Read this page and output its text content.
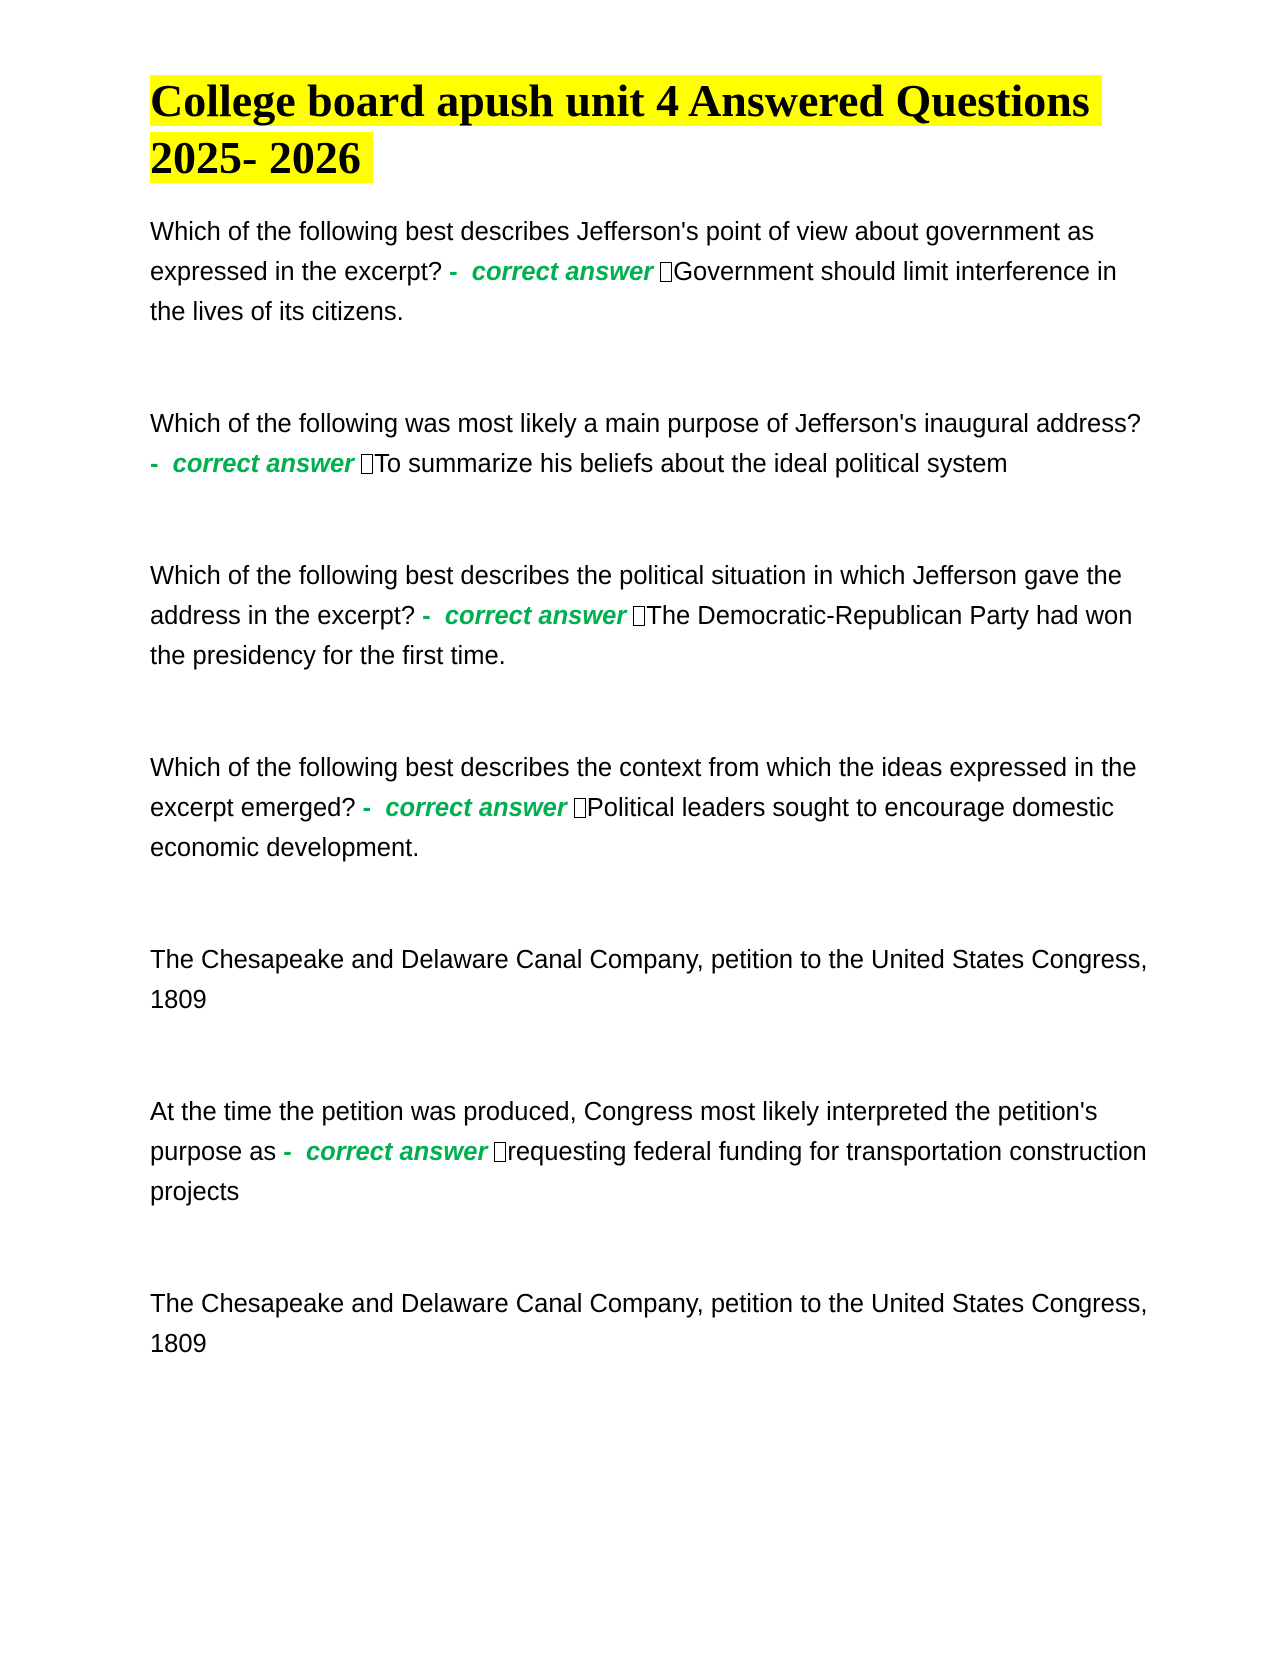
College board apush unit 4 Answered Questions 2025- 2026

Which of the following best describes Jefferson's point of view about government as expressed in the excerpt? - correct answer Government should limit interference in the lives of its citizens.

Which of the following was most likely a main purpose of Jefferson's inaugural address? - correct answer To summarize his beliefs about the ideal political system

Which of the following best describes the political situation in which Jefferson gave the address in the excerpt? - correct answer The Democratic-Republican Party had won the presidency for the first time.

Which of the following best describes the context from which the ideas expressed in the excerpt emerged? - correct answer Political leaders sought to encourage domestic economic development.

The Chesapeake and Delaware Canal Company, petition to the United States Congress, 1809

At the time the petition was produced, Congress most likely interpreted the petition's purpose as - correct answer requesting federal funding for transportation construction projects

The Chesapeake and Delaware Canal Company, petition to the United States Congress, 1809
